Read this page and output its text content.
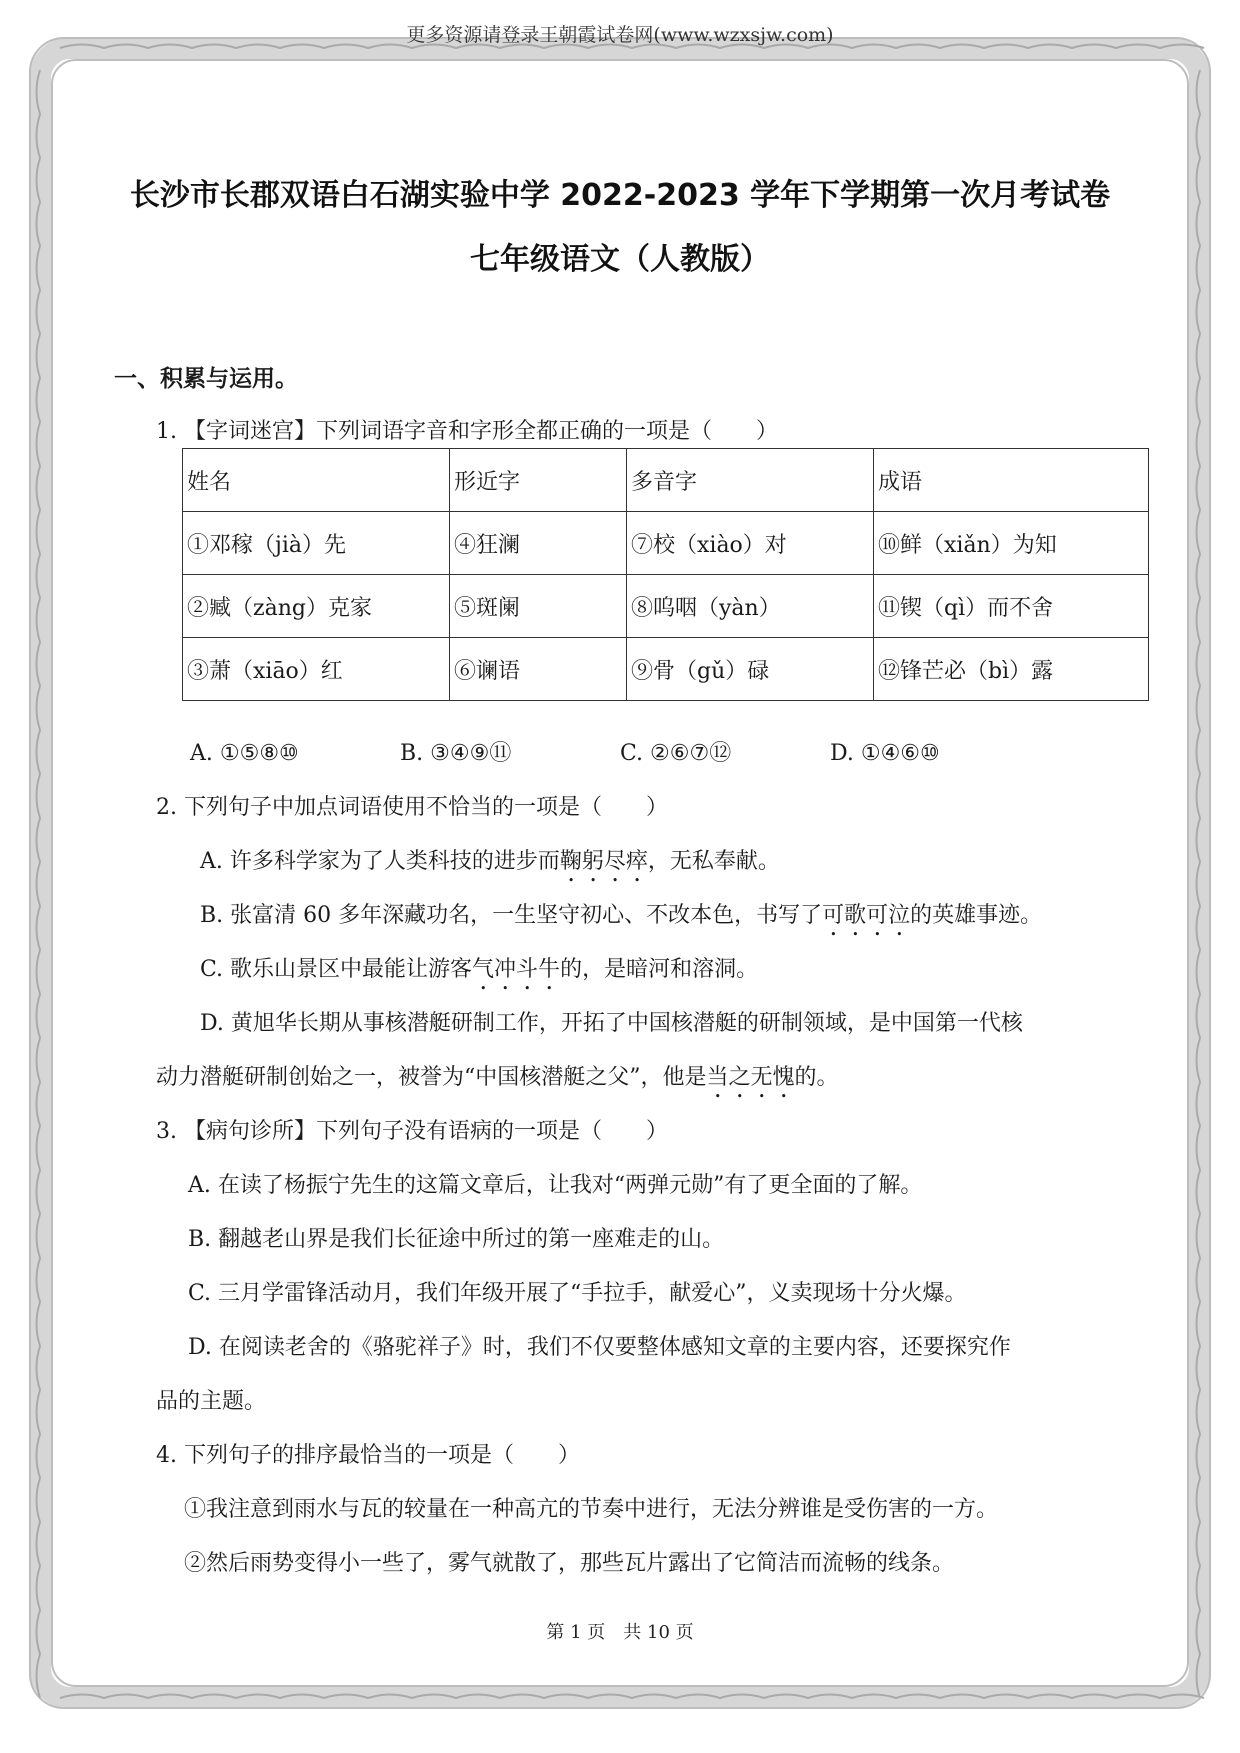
更多资源请登录王朝霞试卷网(www.wzxsjw.com)
长沙市长郡双语白石湖实验中学 2022-2023 学年下学期第一次月考试卷
七年级语文（人教版）
一、积累与运用。
1. 【字词迷宫】下列词语字音和字形全都正确的一项是（　　）
姓名	形近字	多音字	成语
①邓稼（jià）先	④狂澜	⑦校（xiào）对	⑩鲜（xiǎn）为知
②臧（zàng）克家	⑤斑阑	⑧呜咽（yàn）	⑪锲（qì）而不舍
③萧（xiāo）红	⑥谰语	⑨骨（gǔ）碌	⑫锋芒必（bì）露
A. ①⑤⑧⑩	B. ③④⑨⑪	C. ②⑥⑦⑫	D. ①④⑥⑩
2. 下列句子中加点词语使用不恰当的一项是（　　）
A. 许多科学家为了人类科技的进步而鞠躬尽瘁，无私奉献。
B. 张富清 60 多年深藏功名，一生坚守初心、不改本色，书写了可歌可泣的英雄事迹。
C. 歌乐山景区中最能让游客气冲斗牛的，是暗河和溶洞。
D. 黄旭华长期从事核潜艇研制工作，开拓了中国核潜艇的研制领域，是中国第一代核
动力潜艇研制创始之一，被誉为“中国核潜艇之父”，他是当之无愧的。
3. 【病句诊所】下列句子没有语病的一项是（　　）
A. 在读了杨振宁先生的这篇文章后，让我对“两弹元勋”有了更全面的了解。
B. 翻越老山界是我们长征途中所过的第一座难走的山。
C. 三月学雷锋活动月，我们年级开展了“手拉手，献爱心”，义卖现场十分火爆。
D. 在阅读老舍的《骆驼祥子》时，我们不仅要整体感知文章的主要内容，还要探究作
品的主题。
4. 下列句子的排序最恰当的一项是（　　）
①我注意到雨水与瓦的较量在一种高亢的节奏中进行，无法分辨谁是受伤害的一方。
②然后雨势变得小一些了，雾气就散了，那些瓦片露出了它简洁而流畅的线条。
第 1 页　共 10 页
